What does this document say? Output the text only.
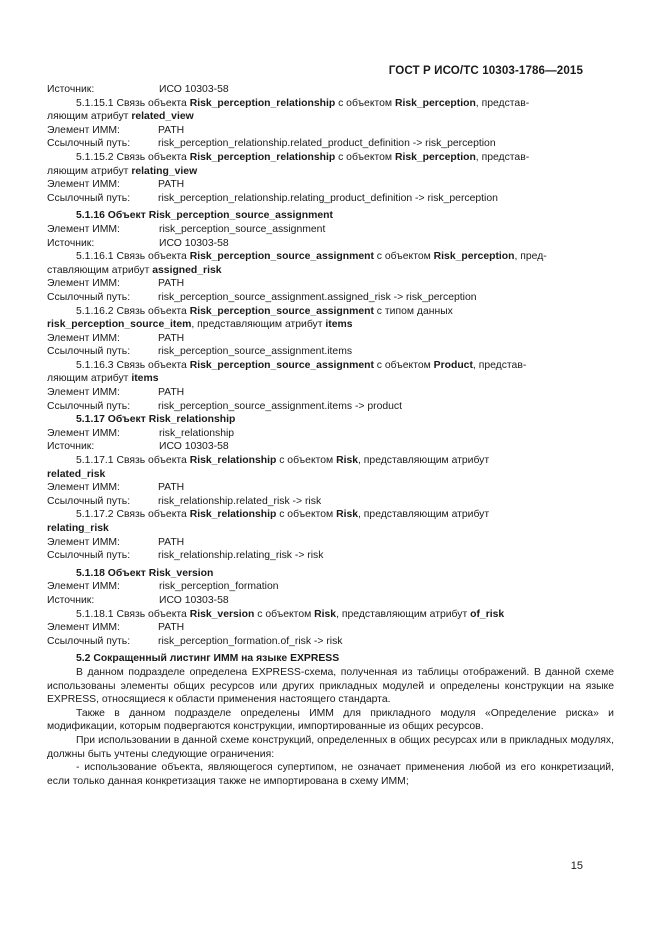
ГОСТ Р ИСО/ТС 10303-1786—2015
Источник:	ИСО 10303-58
5.1.15.1 Связь объекта Risk_perception_relationship с объектом Risk_perception, представ-
ляющим атрибут related_view
Элемент ИММ:	PATH
Ссылочный путь:	risk_perception_relationship.related_product_definition -> risk_perception
5.1.15.2 Связь объекта Risk_perception_relationship с объектом Risk_perception, представ-
ляющим атрибут relating_view
Элемент ИММ:	PATH
Ссылочный путь:	risk_perception_relationship.relating_product_definition -> risk_perception
5.1.16 Объект Risk_perception_source_assignment
Элемент ИММ:	risk_perception_source_assignment
Источник:	ИСО 10303-58
5.1.16.1 Связь объекта Risk_perception_source_assignment с объектом Risk_perception, пред-
ставляющим атрибут assigned_risk
Элемент ИММ:	PATH
Ссылочный путь:	risk_perception_source_assignment.assigned_risk -> risk_perception
5.1.16.2 Связь объекта Risk_perception_source_assignment с типом данных
risk_perception_source_item, представляющим атрибут items
Элемент ИММ:	PATH
Ссылочный путь:	risk_perception_source_assignment.items
5.1.16.3 Связь объекта Risk_perception_source_assignment с объектом Product, представ-
ляющим атрибут items
Элемент ИММ:	PATH
Ссылочный путь:	risk_perception_source_assignment.items -> product
5.1.17 Объект Risk_relationship
Элемент ИММ:	risk_relationship
Источник:	ИСО 10303-58
5.1.17.1 Связь объекта Risk_relationship с объектом Risk, представляющим атрибут
related_risk
Элемент ИММ:	PATH
Ссылочный путь:	risk_relationship.related_risk -> risk
5.1.17.2 Связь объекта Risk_relationship с объектом Risk, представляющим атрибут
relating_risk
Элемент ИММ:	PATH
Ссылочный путь:	risk_relationship.relating_risk -> risk
5.1.18 Объект Risk_version
Элемент ИММ:	risk_perception_formation
Источник:	ИСО 10303-58
5.1.18.1 Связь объекта Risk_version с объектом Risk, представляющим атрибут of_risk
Элемент ИММ:	PATH
Ссылочный путь:	risk_perception_formation.of_risk -> risk
5.2 Сокращенный листинг ИММ на языке EXPRESS
В данном подразделе определена EXPRESS-схема, полученная из таблицы отображений. В данной схеме использованы элементы общих ресурсов или других прикладных модулей и определены конструкции на языке EXPRESS, относящиеся к области применения настоящего стандарта.
Также в данном подразделе определены ИММ для прикладного модуля «Определение риска» и модификации, которым подвергаются конструкции, импортированные из общих ресурсов.
При использовании в данной схеме конструкций, определенных в общих ресурсах или в прикладных модулях, должны быть учтены следующие ограничения:
- использование объекта, являющегося супертипом, не означает применения любой из его конкретизаций, если только данная конкретизация также не импортирована в схему ИММ;
15
